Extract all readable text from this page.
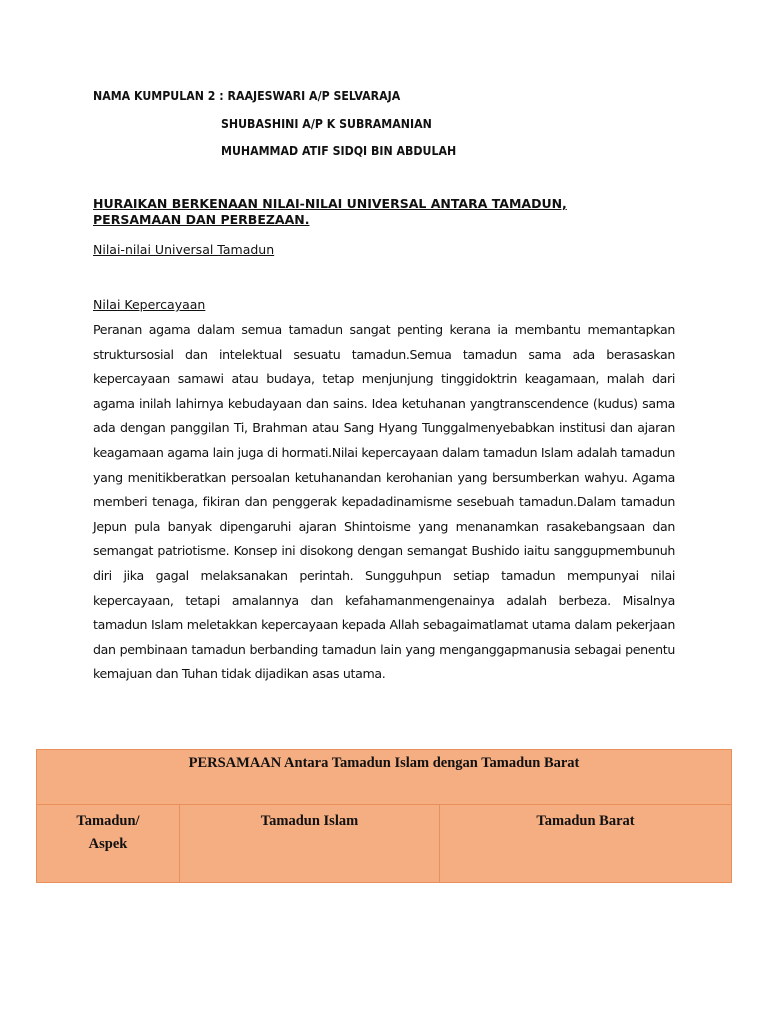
NAMA KUMPULAN 2 : RAAJESWARI A/P SELVARAJA
SHUBASHINI A/P K SUBRAMANIAN
MUHAMMAD ATIF SIDQI BIN ABDULAH
HURAIKAN BERKENAAN NILAI-NILAI UNIVERSAL ANTARA TAMADUN, PERSAMAAN DAN PERBEZAAN.
Nilai-nilai Universal Tamadun
Nilai Kepercayaan
Peranan agama dalam semua tamadun sangat penting kerana ia membantu memantapkan struktursosial dan intelektual sesuatu tamadun.Semua tamadun sama ada berasaskan kepercayaan samawi atau budaya, tetap menjunjung tinggidoktrin keagamaan, malah dari agama inilah lahirnya kebudayaan dan sains. Idea ketuhanan yangtranscendence (kudus) sama ada dengan panggilan Ti, Brahman atau Sang Hyang Tunggalmenyebabkan institusi dan ajaran keagamaan agama lain juga di hormati.Nilai kepercayaan dalam tamadun Islam adalah tamadun yang menitikberatkan persoalan ketuhanandan kerohanian yang bersumberkan wahyu. Agama memberi tenaga, fikiran dan penggerak kepadadinamisme sesebuah tamadun.Dalam tamadun Jepun pula banyak dipengaruhi ajaran Shintoisme yang menanamkan rasakebangsaan dan semangat patriotisme. Konsep ini disokong dengan semangat Bushido iaitu sanggupmembunuh diri jika gagal melaksanakan perintah. Sungguhpun setiap tamadun mempunyai nilai kepercayaan, tetapi amalannya dan kefahamanmengenainya adalah berbeza. Misalnya tamadun Islam meletakkan kepercayaan kepada Allah sebagaimatlamat utama dalam pekerjaan dan pembinaan tamadun berbanding tamadun lain yang menganggapmanusia sebagai penentu kemajuan dan Tuhan tidak dijadikan asas utama.
PERSAMAAN Antara Tamadun Islam dengan Tamadun Barat
Tamadun/
Aspek	Tamadun Islam	Tamadun Barat
